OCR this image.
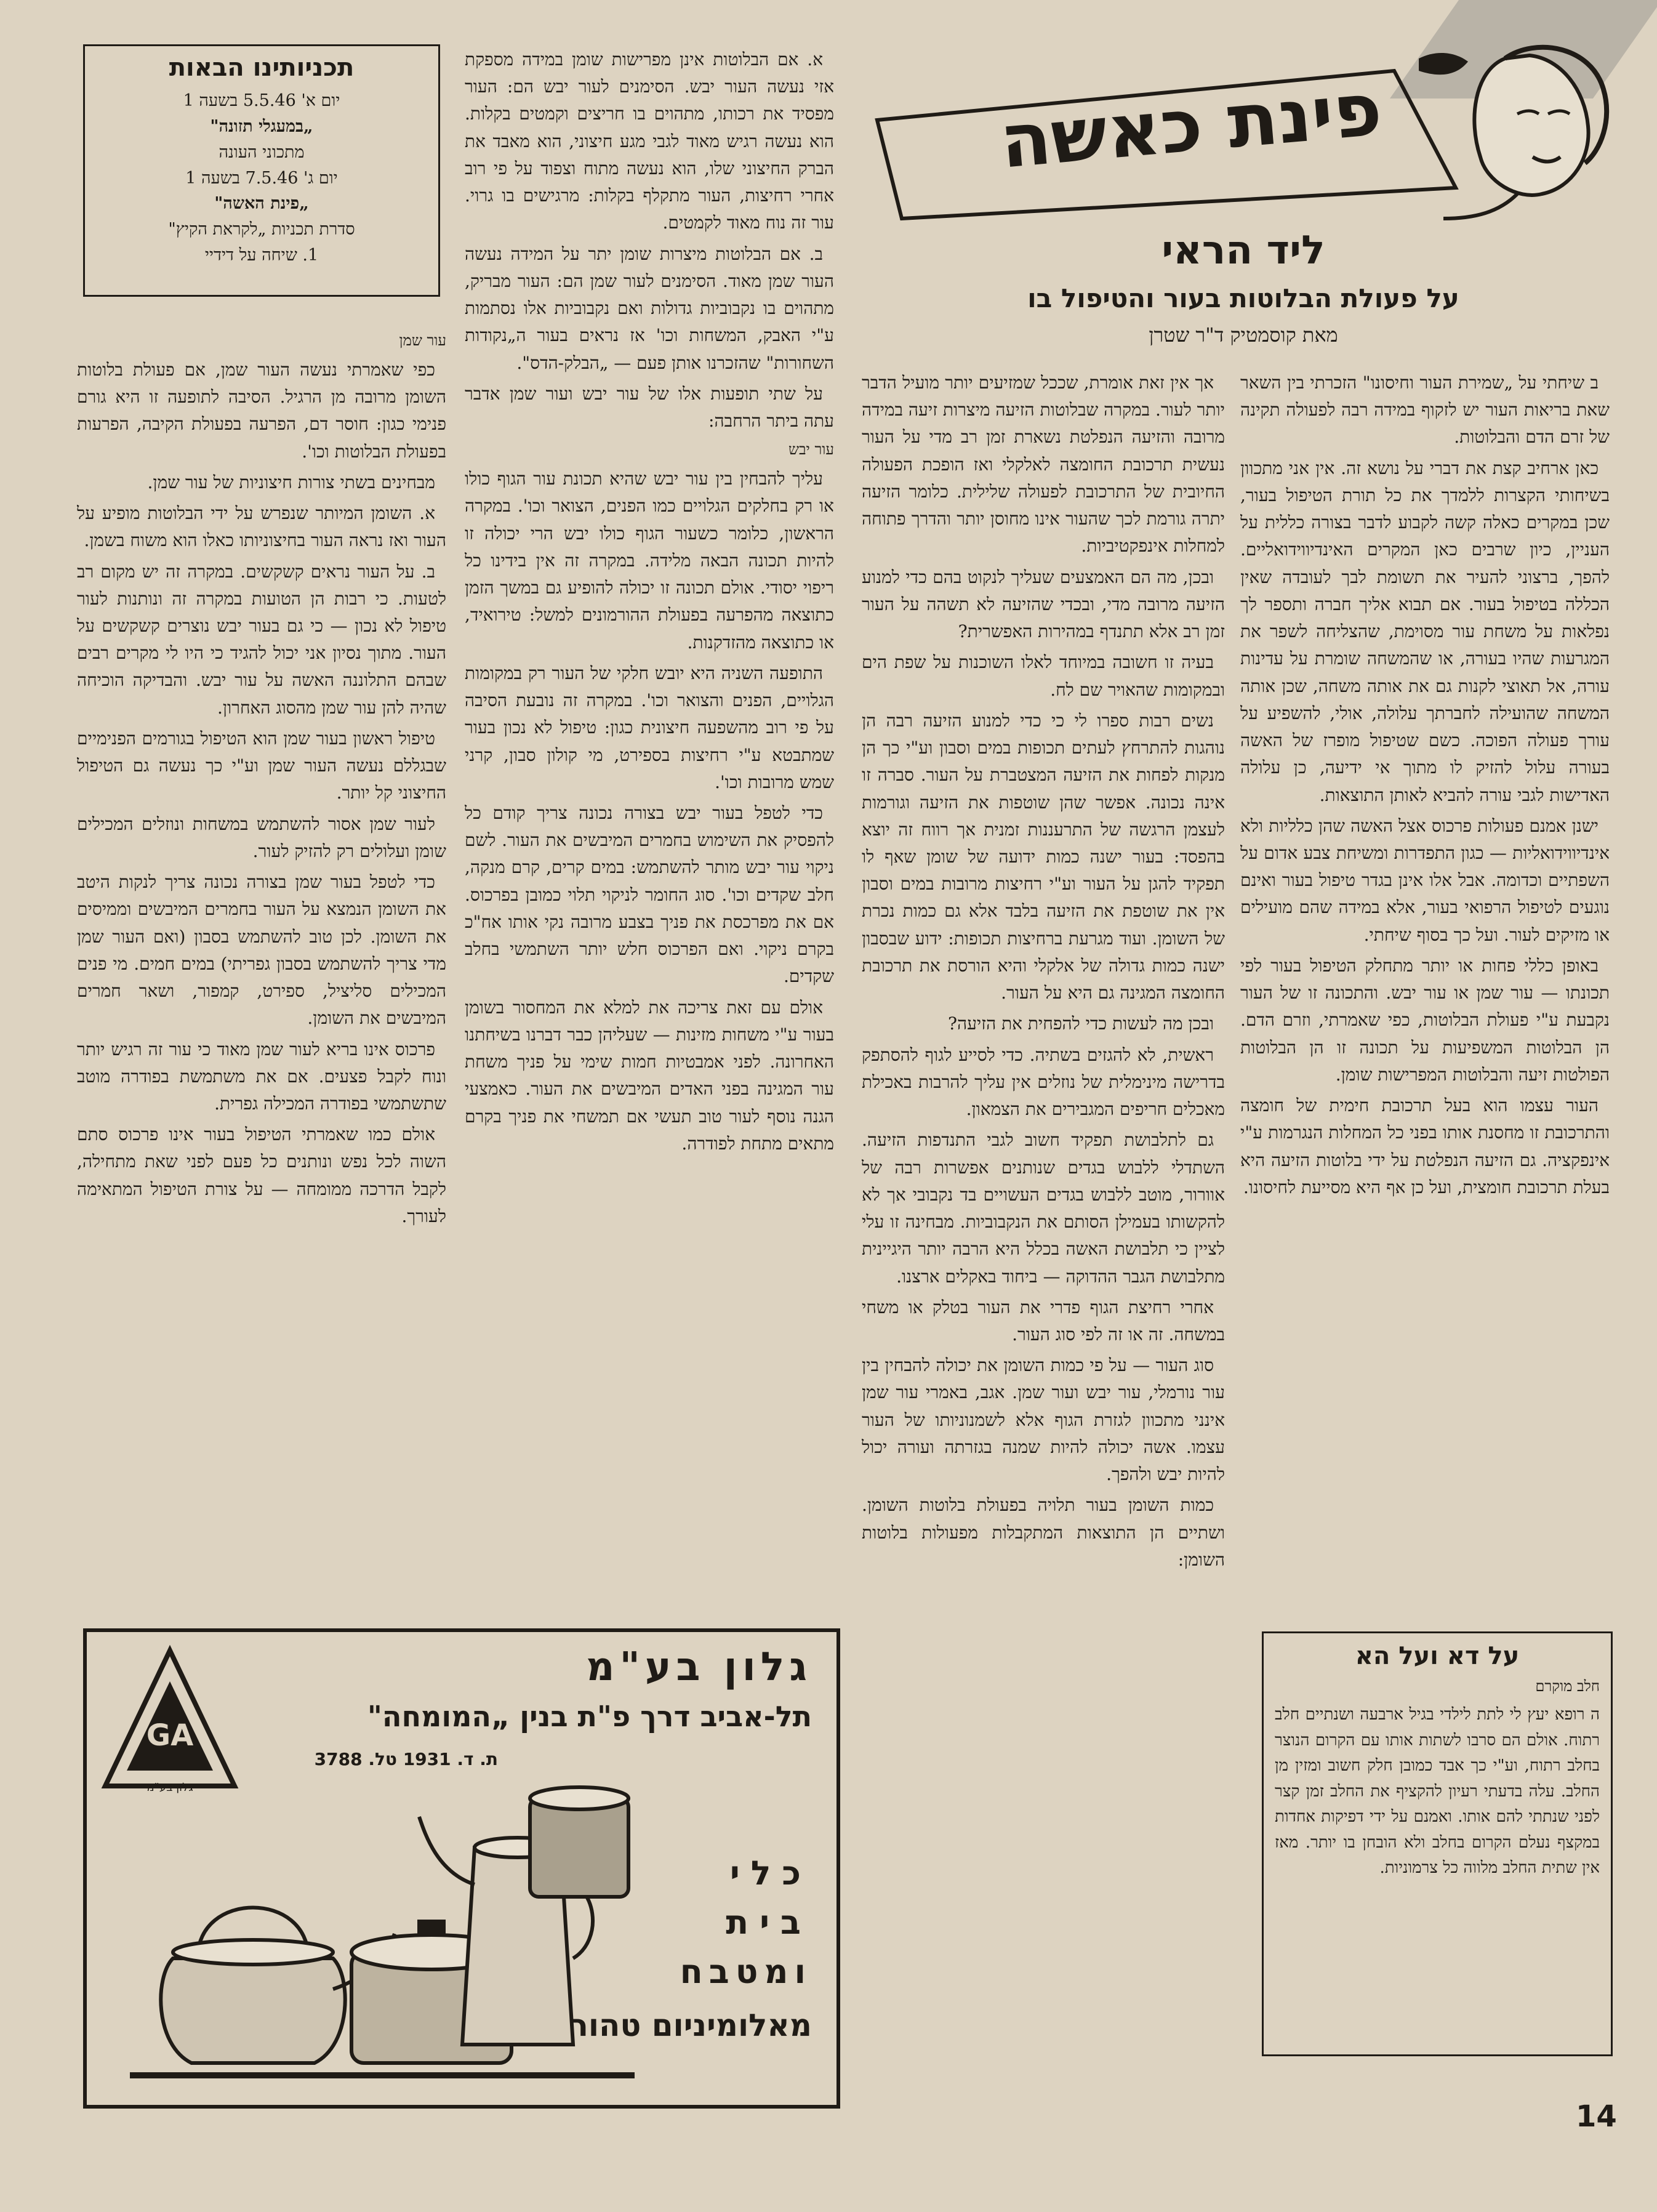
פינת כאשה
ליד הראי
על פעולת הבלוטות בעור והטיפול בו
מאת קוסמטיק ד"ר שטרן
תכניותינו הבאות
יום א' 5.5.46 בשעה 1
„במעגלי תזונה"
מתכוני העונה
יום ג' 7.5.46 בשעה 1
„פינת האשה"
סדרת תכניות „לקראת הקיץ"
1. שיחה על דידיי

ב שיחתי על „שמירת העור וחיסונו" הזכרתי בין השאר שאת בריאות העור יש לזקוף במידה רבה לפעולה תקינה של זרם הדם והבלוטות.

כאן ארחיב קצת את דברי על נושא זה. אין אני מתכוון בשיחותי הקצרות ללמדך את כל תורת הטיפול בעור, שכן במקרים כאלה קשה לקבוע לדבר בצורה כללית על העניין, כיון שרבים כאן המקרים האינדיווידואליים. להפך, ברצוני להעיר את תשומת לבך לעובדה שאין הכללה בטיפול בעור. אם תבוא אליך חברה ותספר לך נפלאות על משחת עור מסוימת, שהצליחה לשפר את המגרעות שהיו בעורה, או שהמשחה שומרת על עדינות עורה, אל תאוצי לקנות גם את אותה משחה, שכן אותה המשחה שהועילה לחברתך עלולה, אולי, להשפיע על עורך פעולה הפוכה. כשם שטיפול מופרז של האשה בעורה עלול להזיק לו מתוך אי ידיעה, כן עלולה האדישות לגבי עורה להביא לאותן התוצאות.

ישנן אמנם פעולות פרכוס אצל האשה שהן כלליות ולא אינדיווידואליות — כגון התפדרות ומשיחת צבע אדום על השפתיים וכדומה. אבל אלו אינן בגדר טיפול בעור ואינם נוגעים לטיפול הרפואי בעור, אלא במידה שהם מועילים או מזיקים לעור. ועל כך בסוף שיחתי.

באופן כללי פחות או יותר מתחלק הטיפול בעור לפי תכונתו — עור שמן או עור יבש. והתכונה זו של העור נקבעת ע"י פעולת הבלוטות, כפי שאמרתי, וזרם הדם. הן הבלוטות המשפיעות על תכונה זו הן הבלוטות הפולטות זיעה והבלוטות המפרישות שומן.

העור עצמו הוא בעל תרכובת חימית של חומצה והתרכובת זו מחסנת אותו בפני כל המחלות הנגרמות ע"י אינפקציה. גם הזיעה הנפלטת על ידי בלוטות הזיעה היא בעלת תרכובת חומצית, ועל כן אף היא מסייעת לחיסונו.

על דא ועל הא
חלב מוקרם
ה רופא יעץ לי לתת לילדי בגיל ארבעה ושנתיים חלב רתוח. אולם הם סרבו לשתות אותו עם הקרום הנוצר בחלב רתוח, וע"י כך אבד כמובן חלק חשוב ומזין מן החלב. עלה בדעתי רעיון להקציף את החלב זמן קצר לפני שנתתי להם אותו. ואמנם על ידי דפיקות אחדות במקצף נעלם הקרום בחלב ולא הובחן בו יותר. מאז אין שתית החלב מלווה כל צרמוניות.

אך אין זאת אומרת, שככל שמזיעים יותר מועיל הדבר יותר לעור. במקרה שבלוטות הזיעה מיצרות זיעה במידה מרובה והזיעה הנפלטת נשארת זמן רב מדי על העור נעשית תרכובת החומצה לאלקלי ואז הופכת הפעולה החיובית של התרכובת לפעולה שלילית. כלומר הזיעה יתרה גורמת לכך שהעור אינו מחוסן יותר והדרך פתוחה למחלות אינפקטיביות.

ובכן, מה הם האמצעים שעליך לנקוט בהם כדי למנוע הזיעה מרובה מדי, ובכדי שהזיעה לא תשהה על העור זמן רב אלא תתנדף במהירות האפשרית?

בעיה זו חשובה במיוחד לאלו השוכנות על שפת הים ובמקומות שהאויר שם לח.

נשים רבות ספרו לי כי כדי למנוע הזיעה רבה הן נוהגות להתרחץ לעתים תכופות במים וסבון וע"י כך הן מנקות לפחות את הזיעה המצטברת על העור. סברה זו אינה נכונה. אפשר שהן שוטפות את הזיעה וגורמות לעצמן הרגשה של התרעננות זמנית אך רווח זה יוצא בהפסד: בעור ישנה כמות ידועה של שומן שאף לו תפקיד להגן על העור וע"י רחיצות מרובות במים וסבון אין את שוטפת את הזיעה בלבד אלא גם כמות נכרת של השומן. ועוד מגרעת ברחיצות תכופות: ידוע שבסבון ישנה כמות גדולה של אלקלי והיא הורסת את תרכובת החומצה המגינה גם היא על העור.

ובכן מה לעשות כדי להפחית את הזיעה?

ראשית, לא להגזים בשתיה. כדי לסייע לגוף להסתפק בדרישה מינימלית של נוזלים אין עליך להרבות באכילת מאכלים חריפים המגבירים את הצמאון.

גם לתלבושת תפקיד חשוב לגבי התנדפות הזיעה. השתדלי ללבוש בגדים שנותנים אפשרות רבה של אוורור, מוטב ללבוש בגדים העשויים בד נקבובי אך לא להקשותו בעמילן הסותם את הנקבוביות. מבחינה זו עלי לציין כי תלבושת האשה בכלל היא הרבה יותר היגיינית מתלבושת הגבר ההדוקה — ביחוד באקלים ארצנו.

אחרי רחיצת הגוף פדרי את העור בטלק או משחי במשחה. זה או זה לפי סוג העור.

סוג העור — על פי כמות השומן את יכולה להבחין בין עור נורמלי, עור יבש ועור שמן. אגב, באמרי עור שמן אינני מתכוון לגזרת הגוף אלא לשמנוניותו של העור עצמו. אשה יכולה להיות שמנה בגזרתה ועורה יכול להיות יבש ולהפך.

כמות השומן בעור תלויה בפעולת בלוטות השומן. ושתיים הן התוצאות המתקבלות מפעולות בלוטות השומן:

א. אם הבלוטות אינן מפרישות שומן במידה מספקת אזי נעשה העור יבש. הסימנים לעור יבש הם: העור מפסיד את רכותו, מתהוים בו חריצים וקמטים בקלות. הוא נעשה רגיש מאוד לגבי מגע חיצוני, הוא מאבד את הברק החיצוני שלו, הוא נעשה מתוח וצפוד על פי רוב אחרי רחיצות, העור מתקלף בקלות: מרגישים בו גרוי. עור זה נוח מאוד לקמטים.

ב. אם הבלוטות מיצרות שומן יתר על המידה נעשה העור שמן מאוד. הסימנים לעור שמן הם: העור מבריק, מתהוים בו נקבוביות גדולות ואם נקבוביות אלו נסתמות ע"י האבק, המשחות וכו' אז נראים בעור ה„נקודות השחורות" שהזכרנו אותן פעם — „הבלק-הדס".

על שתי תופעות אלו של עור יבש ועור שמן אדבר עתה ביתר הרחבה:

עור יבש

עליך להבחין בין עור יבש שהיא תכונת עור הגוף כולו או רק בחלקים הגלויים כמו הפנים, הצואר וכו'. במקרה הראשון, כלומר כשעור הגוף כולו יבש הרי יכולה זו להיות תכונה הבאה מלידה. במקרה זה אין בידינו כל ריפוי יסודי. אולם תכונה זו יכולה להופיע גם במשך הזמן כתוצאה מהפרעה בפעולת ההורמונים למשל: טירואיד, או כתוצאה מהזדקנות.

התופעה השניה היא יובש חלקי של העור רק במקומות הגלויים, הפנים והצואר וכו'. במקרה זה נובעת הסיבה על פי רוב מהשפעה חיצונית כגון: טיפול לא נכון בעור שמתבטא ע"י רחיצות בספירט, מי קולון סבון, קרני שמש מרובות וכו'.

כדי לטפל בעור יבש בצורה נכונה צריך קודם כל להפסיק את השימוש בחמרים המיבשים את העור. לשם ניקוי עור יבש מותר להשתמש: במים קרים, קרם מנקה, חלב שקדים וכו'. סוג החומר לניקוי תלוי כמובן בפרכוס. אם את מפרכסת את פניך בצבע מרובה נקי אותו אח"כ בקרם ניקוי. ואם הפרכוס חלש יותר השתמשי בחלב שקדים.

אולם עם זאת צריכה את למלא את המחסור בשומן בעור ע"י משחות מזינות — שעליהן כבר דברנו בשיחתנו האחרונה. לפני אמבטיות חמות שימי על פניך משחת עור המגינה בפני האדים המיבשים את העור. כאמצעי הגנה נוסף לעור טוב תעשי אם תמשחי את פניך בקרם מתאים מתחת לפודרה.

עור שמן

כפי שאמרתי נעשה העור שמן, אם פעולת בלוטות השומן מרובה מן הרגיל. הסיבה לתופעה זו היא גורם פנימי כגון: חוסר דם, הפרעה בפעולת הקיבה, הפרעות בפעולת הבלוטות וכו'.

מבחינים בשתי צורות חיצוניות של עור שמן.

א. השומן המיותר שנפרש על ידי הבלוטות מופיע על העור ואז נראה העור בחיצוניותו כאלו הוא משוח בשמן.

ב. על העור נראים קשקשים. במקרה זה יש מקום רב לטעות. כי רבות הן הטועות במקרה זה ונותנות לעור טיפול לא נכון — כי גם בעור יבש נוצרים קשקשים על העור. מתוך נסיון אני יכול להגיד כי היו לי מקרים רבים שבהם התלוננה האשה על עור יבש. והבדיקה הוכיחה שהיה להן עור שמן מהסוג האחרון.

טיפול ראשון בעור שמן הוא הטיפול בגורמים הפנימיים שבגללם נעשה העור שמן וע"י כך נעשה גם הטיפול החיצוני קל יותר.

לעור שמן אסור להשתמש במשחות ונוזלים המכילים שומן ועלולים רק להזיק לעור.

כדי לטפל בעור שמן בצורה נכונה צריך לנקות היטב את השומן הנמצא על העור בחמרים המיבשים וממיסים את השומן. לכן טוב להשתמש בסבון (ואם העור שמן מדי צריך להשתמש בסבון גפריתי) במים חמים. מי פנים המכילים סליציל, ספירט, קמפור, ושאר חמרים המיבשים את השומן.

פרכוס אינו בריא לעור שמן מאוד כי עור זה רגיש יותר ונוח לקבל פצעים. אם את משתמשת בפודרה מוטב שתשתמשי בפודרה המכילה גפרית.

אולם כמו שאמרתי הטיפול בעור אינו פרכוס סתם השוה לכל נפש ונותנים כל פעם לפני שאת מתחילה, לקבל הדרכה ממומחה — על צורת הטיפול המתאימה לעורך.

גלון בע"מ
תל-אביב דרך פ"ת בנין „המומחה"
ת. ד. 1931 טל. 3788
GA
גלון בע"מ
כלי
בית
ומטבח
מאלומיניום טהור
14
